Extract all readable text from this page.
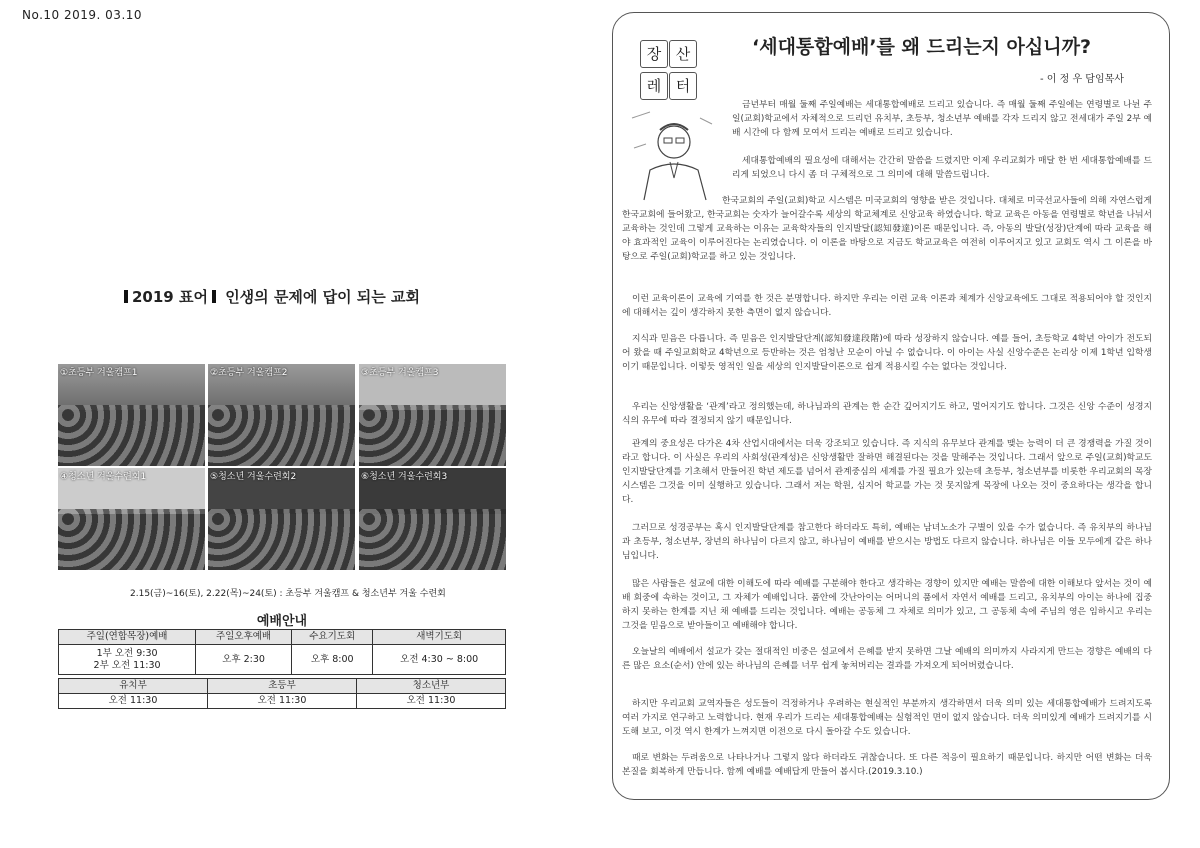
No.10 2019. 03.10
2019 표어 인생의 문제에 답이 되는 교회
①초등부 겨울캠프1	②초등부 겨울캠프2	③초등부 겨울캠프3
④청소년 겨울수련회1	⑤청소년 겨울수련회2	⑥청소년 겨울수련회3
2.15(금)~16(토), 2.22(목)~24(토) : 초등부 겨울캠프 & 청소년부 겨울 수련회
예배안내
주일(연합목장)예배	주일오후예배	수요기도회	새벽기도회

1부 오전 9:30
2부 오전 11:30	오후 2:30	오후 8:00	오전 4:30 ~ 8:00
유치부	초등부	청소년부
오전 11:30	오전 11:30	오전 11:30
장 산
레 터
‘세대통합예배’를 왜 드리는지 아십니까?
- 이 정 우 담임목사
금년부터 매월 둘째 주일예배는 세대통합예배로 드리고 있습니다. 즉 매월 둘째 주일에는 연령별로 나뉜 주일(교회)학교에서 자체적으로 드리던 유치부, 초등부, 청소년부 예배를 각자 드리지 않고 전세대가 주일 2부 예배 시간에 다 함께 모여서 드리는 예배로 드리고 있습니다.
세대통합예배의 필요성에 대해서는 간간히 말씀을 드렸지만 이제 우리교회가 매달 한 번 세대통합예배를 드리게 되었으니 다시 좀 더 구체적으로 그 의미에 대해 말씀드립니다.
한국교회의 주일(교회)학교 시스템은 미국교회의 영향을 받은 것입니다. 대체로 미국선교사들에 의해 자연스럽게 한국교회에 들어왔고, 한국교회는 숫자가 늘어갈수록 세상의 학교체계로 신앙교육 하였습니다. 학교 교육은 아동을 연령별로 학년을 나눠서 교육하는 것인데 그렇게 교육하는 이유는 교육학자들의 인지발달(認知發達)이론 때문입니다. 즉, 아동의 발달(성장)단계에 따라 교육을 해야 효과적인 교육이 이루어진다는 논리였습니다. 이 이론을 바탕으로 지금도 학교교육은 여전히 이루어지고 있고 교회도 역시 그 이론을 바탕으로 주일(교회)학교를 하고 있는 것입니다.
이런 교육이론이 교육에 기여를 한 것은 분명합니다. 하지만 우리는 이런 교육 이론과 체계가 신앙교육에도 그대로 적용되어야 할 것인지에 대해서는 깊이 생각하지 못한 측면이 없지 않습니다.
지식과 믿음은 다릅니다. 즉 믿음은 인지발달단계(認知發達段階)에 따라 성장하지 않습니다. 예를 들어, 초등학교 4학년 아이가 전도되어 왔을 때 주일교회학교 4학년으로 등반하는 것은 엄청난 모순이 아닐 수 없습니다. 이 아이는 사실 신앙수준은 논리상 이제 1학년 입학생이기 때문입니다. 이렇듯 영적인 일을 세상의 인지발달이론으로 쉽게 적용시킬 수는 없다는 것입니다.
우리는 신앙생활을 ‘관계’라고 정의했는데, 하나님과의 관계는 한 순간 깊어지기도 하고, 멀어지기도 합니다. 그것은 신앙 수준이 성경지식의 유무에 따라 결정되지 않기 때문입니다.
관계의 중요성은 다가온 4차 산업시대에서는 더욱 강조되고 있습니다. 즉 지식의 유무보다 관계를 맺는 능력이 더 큰 경쟁력을 가질 것이라고 합니다. 이 사실은 우리의 사회성(관계성)은 신앙생활만 잘하면 해결된다는 것을 말해주는 것입니다. 그래서 앞으로 주일(교회)학교도 인지발달단계를 기초해서 만들어진 학년 제도를 넘어서 관계중심의 세계를 가질 필요가 있는데 초등부, 청소년부를 비롯한 우리교회의 목장 시스템은 그것을 이미 실행하고 있습니다. 그래서 저는 학원, 심지어 학교를 가는 것 못지않게 목장에 나오는 것이 중요하다는 생각을 합니다.
그러므로 성경공부는 혹시 인지발달단계를 참고한다 하더라도 특히, 예배는 남녀노소가 구별이 있을 수가 없습니다. 즉 유치부의 하나님과 초등부, 청소년부, 장년의 하나님이 다르지 않고, 하나님이 예배를 받으시는 방법도 다르지 않습니다. 하나님은 이들 모두에게 같은 하나님입니다.
많은 사람들은 설교에 대한 이해도에 따라 예배를 구분해야 한다고 생각하는 경향이 있지만 예배는 말씀에 대한 이해보다 앞서는 것이 예배 회중에 속하는 것이고, 그 자체가 예배입니다. 품안에 갓난아이는 어머니의 품에서 자연서 예배를 드리고, 유치부의 아이는 하나에 집중하지 못하는 한계를 지닌 채 예배를 드리는 것입니다. 예배는 공동체 그 자체로 의미가 있고, 그 공동체 속에 주님의 영은 임하시고 우리는 그것을 믿음으로 받아들이고 예배해야 합니다.
오늘날의 예배에서 설교가 갖는 절대적인 비중은 설교에서 은혜를 받지 못하면 그날 예배의 의미까지 사라지게 만드는 경향은 예배의 다른 많은 요소(순서) 안에 있는 하나님의 은혜를 너무 쉽게 놓쳐버리는 결과를 가져오게 되어버렸습니다.
하지만 우리교회 교역자들은 성도들이 걱정하거나 우려하는 현실적인 부분까지 생각하면서 더욱 의미 있는 세대통합예배가 드려지도록 여러 가지로 연구하고 노력합니다. 현재 우리가 드리는 세대통합예배는 실험적인 면이 없지 않습니다. 더욱 의미있게 예배가 드려지기를 시도해 보고, 이것 역시 한계가 느껴지면 이전으로 다시 돌아갈 수도 있습니다.
때로 변화는 두려움으로 나타나거나 그렇지 않다 하더라도 귀찮습니다. 또 다른 적응이 필요하기 때문입니다. 하지만 어떤 변화는 더욱 본질을 회복하게 만듭니다. 함께 예배를 예배답게 만들어 봅시다.(2019.3.10.)
